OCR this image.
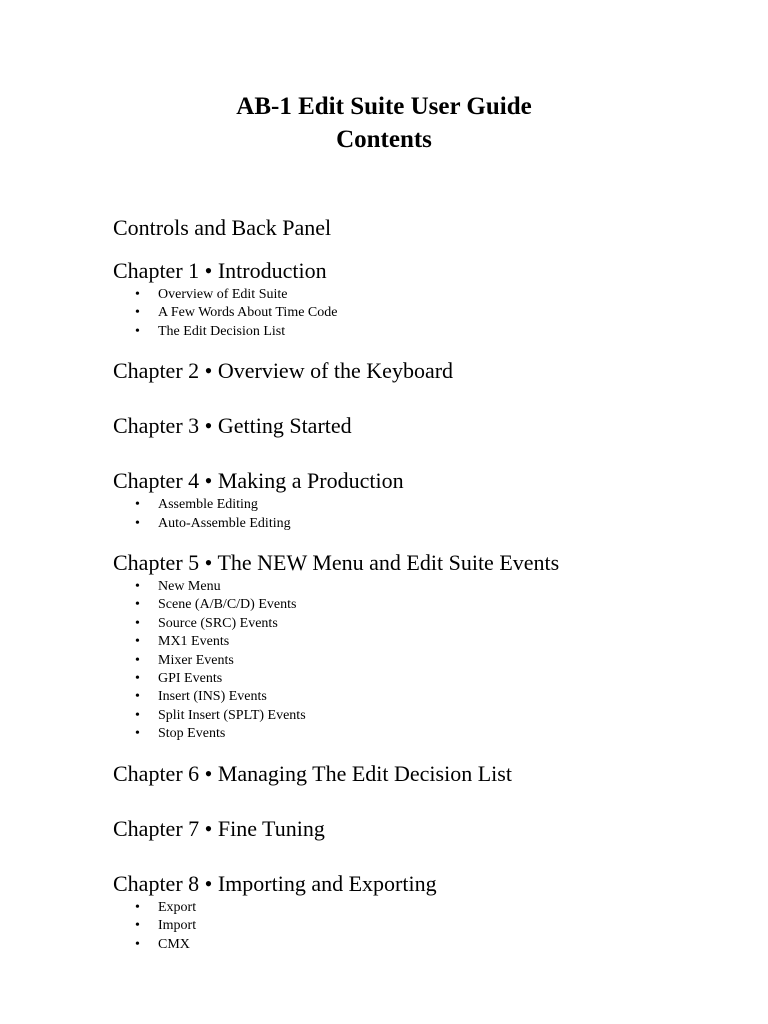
AB-1 Edit Suite User Guide
Contents
Controls and Back Panel
Chapter 1 • Introduction
• Overview of Edit Suite
• A Few Words About Time Code
• The Edit Decision List
Chapter 2 • Overview of the Keyboard
Chapter 3 • Getting Started
Chapter 4 • Making a Production
• Assemble Editing
• Auto-Assemble Editing
Chapter 5 • The NEW Menu and Edit Suite Events
• New Menu
• Scene (A/B/C/D) Events
• Source (SRC) Events
• MX1 Events
• Mixer Events
• GPI Events
• Insert (INS) Events
• Split Insert (SPLT) Events
• Stop Events
Chapter 6 • Managing The Edit Decision List
Chapter 7 • Fine Tuning
Chapter 8 • Importing and Exporting
• Export
• Import
• CMX
